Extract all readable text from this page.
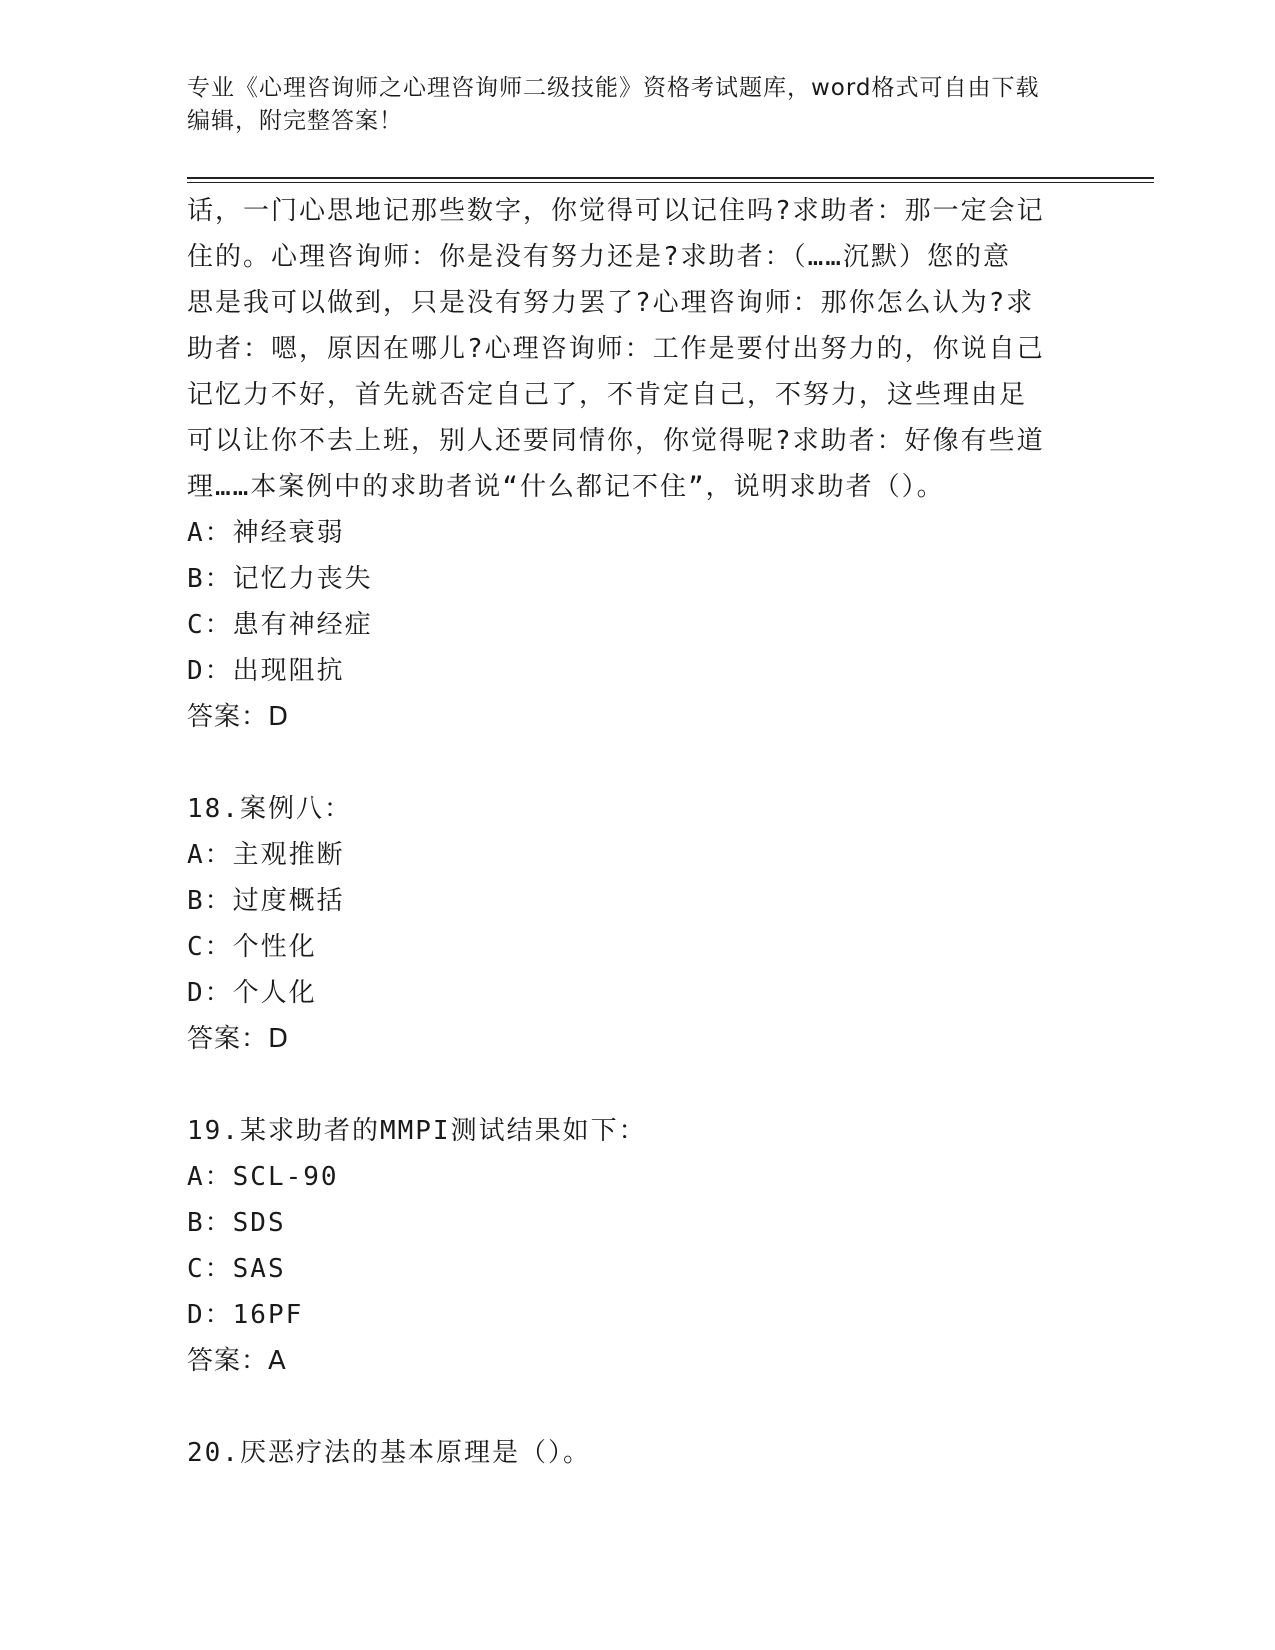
专业《心理咨询师之心理咨询师二级技能》资格考试题库，word格式可自由下载
编辑，附完整答案！

话，一门心思地记那些数字，你觉得可以记住吗?求助者：那一定会记

住的。心理咨询师：你是没有努力还是?求助者：（……沉默）您的意

思是我可以做到，只是没有努力罢了?心理咨询师：那你怎么认为?求

助者：嗯，原因在哪儿?心理咨询师：工作是要付出努力的，你说自己

记忆力不好，首先就否定自己了，不肯定自己，不努力，这些理由足

可以让你不去上班，别人还要同情你，你觉得呢?求助者：好像有些道

理……本案例中的求助者说“什么都记不住”，说明求助者（）。

A：神经衰弱

B：记忆力丧失

C：患有神经症

D：出现阻抗

答案：D

18.案例八：

A：主观推断

B：过度概括

C：个性化

D：个人化

答案：D

19.某求助者的MMPI测试结果如下：

A：SCL-90

B：SDS

C：SAS

D：16PF

答案：A

20.厌恶疗法的基本原理是（）。
